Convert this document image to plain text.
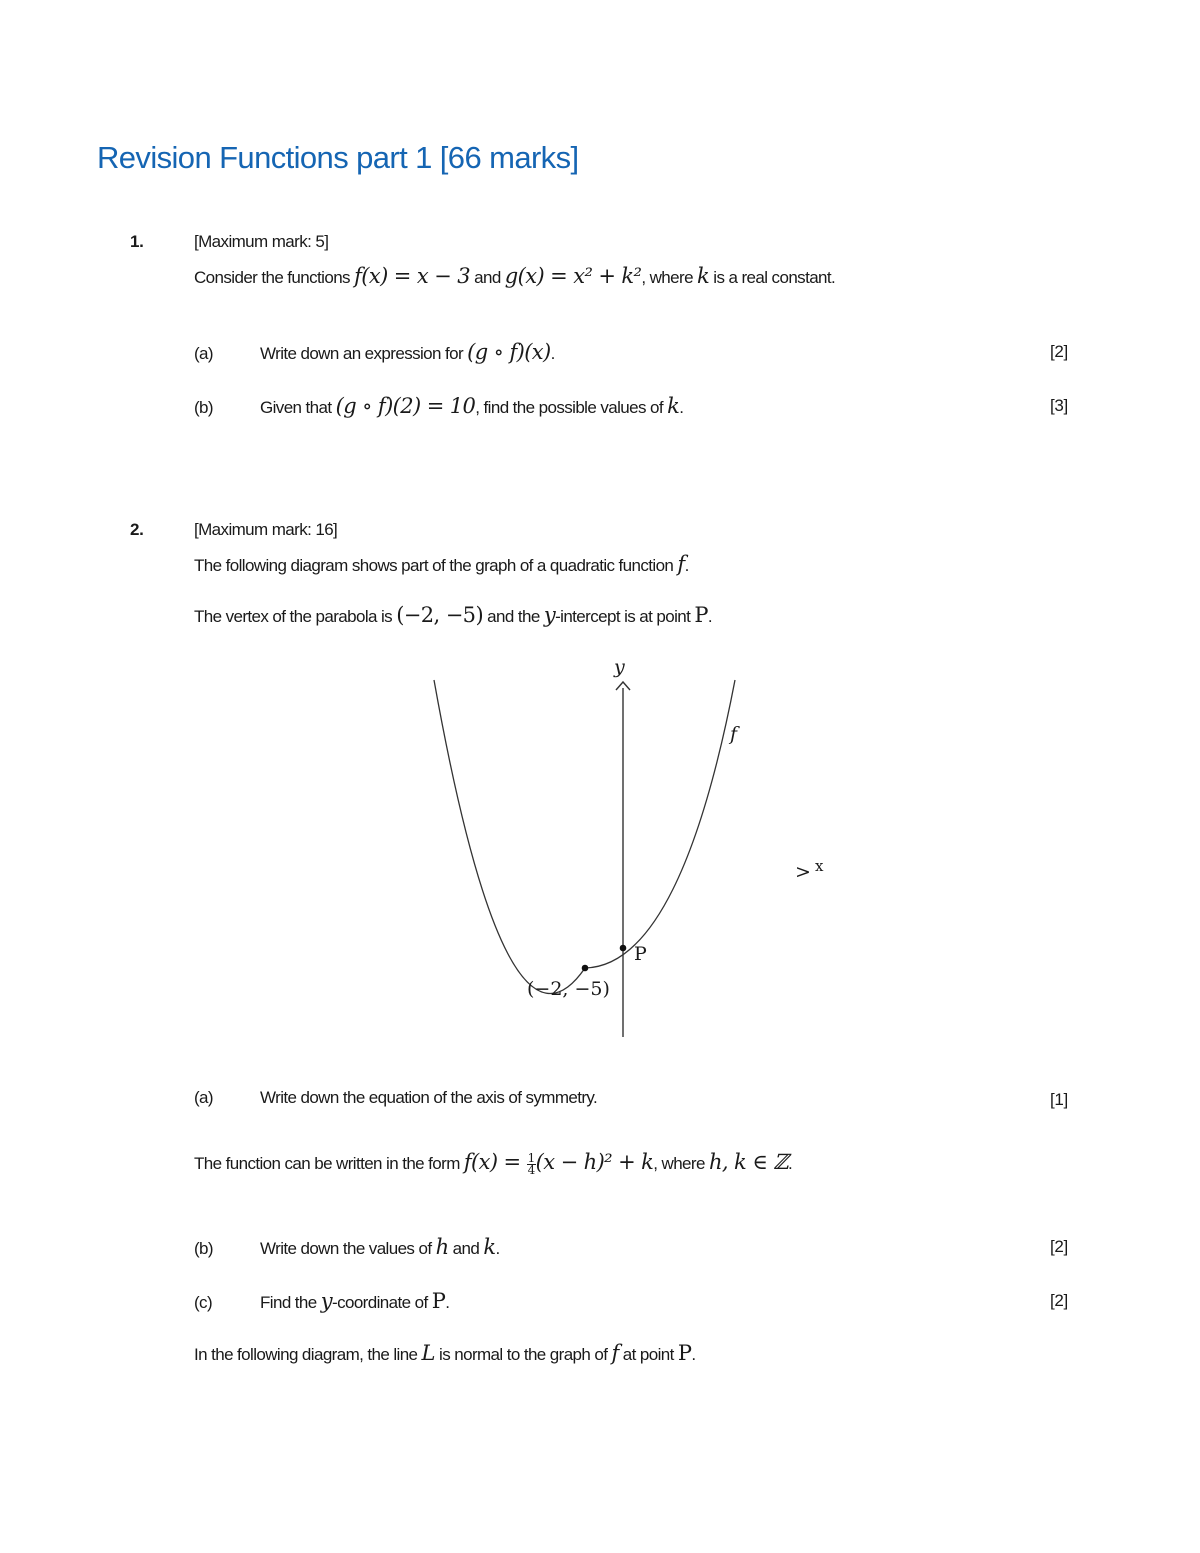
Revision Functions part 1 [66 marks]
1.	[Maximum mark: 5]
Consider the functions f(x) = x − 3 and g(x) = x² + k², where k is a real constant.
(a)	Write down an expression for (g ∘ f)(x).	[2]
(b)	Given that (g ∘ f)(2) = 10, find the possible values of k.	[3]
2.	[Maximum mark: 16]
The following diagram shows part of the graph of a quadratic function f.
The vertex of the parabola is (−2, −5) and the y-intercept is at point P.
y
> x
f
P
(−2, −5)
(a)	Write down the equation of the axis of symmetry.	[1]
The function can be written in the form $f(x) = \frac{1}{4} (x - h)^2 + k$, where h, k ∈ ℤ.
(b)	Write down the values of h and k.	[2]
(c)	Find the y-coordinate of P.	[2]
In the following diagram, the line L is normal to the graph of f at point P.
